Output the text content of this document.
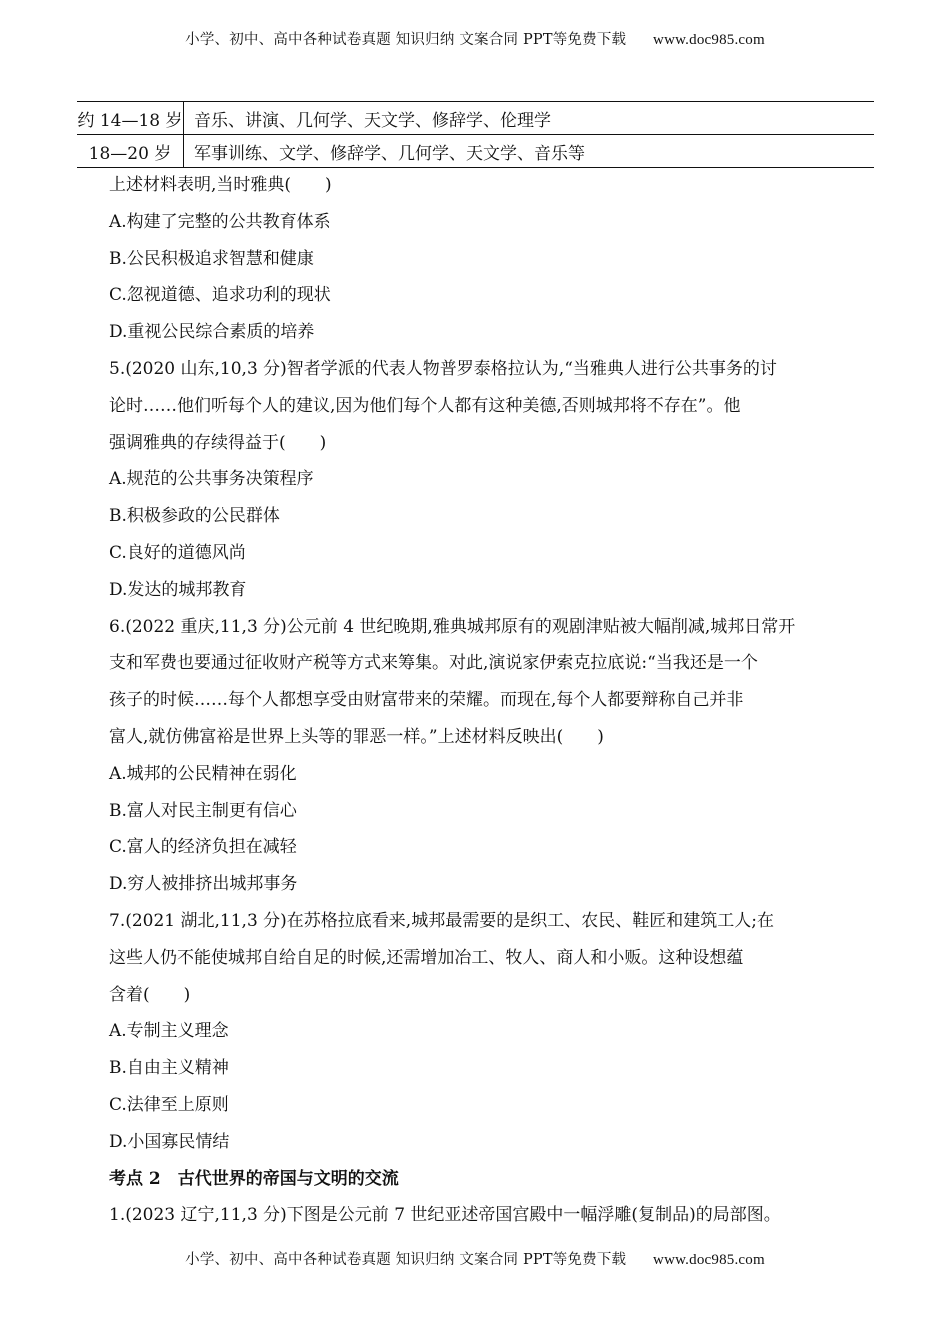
小学、初中、高中各种试卷真题 知识归纳 文案合同 PPT等免费下载 www.doc985.com
约 14—18 岁	音乐、讲演、几何学、天文学、修辞学、伦理学
18—20 岁	军事训练、文学、修辞学、几何学、天文学、音乐等

上述材料表明,当时雅典(　　)

A.构建了完整的公共教育体系

B.公民积极追求智慧和健康

C.忽视道德、追求功利的现状

D.重视公民综合素质的培养

5.(2020 山东,10,3 分)智者学派的代表人物普罗泰格拉认为,“当雅典人进行公共事务的讨

论时……他们听每个人的建议,因为他们每个人都有这种美德,否则城邦将不存在”。他

强调雅典的存续得益于(　　)

A.规范的公共事务决策程序

B.积极参政的公民群体

C.良好的道德风尚

D.发达的城邦教育

6.(2022 重庆,11,3 分)公元前 4 世纪晚期,雅典城邦原有的观剧津贴被大幅削减,城邦日常开

支和军费也要通过征收财产税等方式来筹集。对此,演说家伊索克拉底说:“当我还是一个

孩子的时候……每个人都想享受由财富带来的荣耀。而现在,每个人都要辩称自己并非

富人,就仿佛富裕是世界上头等的罪恶一样。”上述材料反映出(　　)

A.城邦的公民精神在弱化

B.富人对民主制更有信心

C.富人的经济负担在减轻

D.穷人被排挤出城邦事务

7.(2021 湖北,11,3 分)在苏格拉底看来,城邦最需要的是织工、农民、鞋匠和建筑工人;在

这些人仍不能使城邦自给自足的时候,还需增加冶工、牧人、商人和小贩。这种设想蕴

含着(　　)

A.专制主义理念

B.自由主义精神

C.法律至上原则

D.小国寡民情结

考点 2　古代世界的帝国与文明的交流

1.(2023 辽宁,11,3 分)下图是公元前 7 世纪亚述帝国宫殿中一幅浮雕(复制品)的局部图。

小学、初中、高中各种试卷真题 知识归纳 文案合同 PPT等免费下载 www.doc985.com
